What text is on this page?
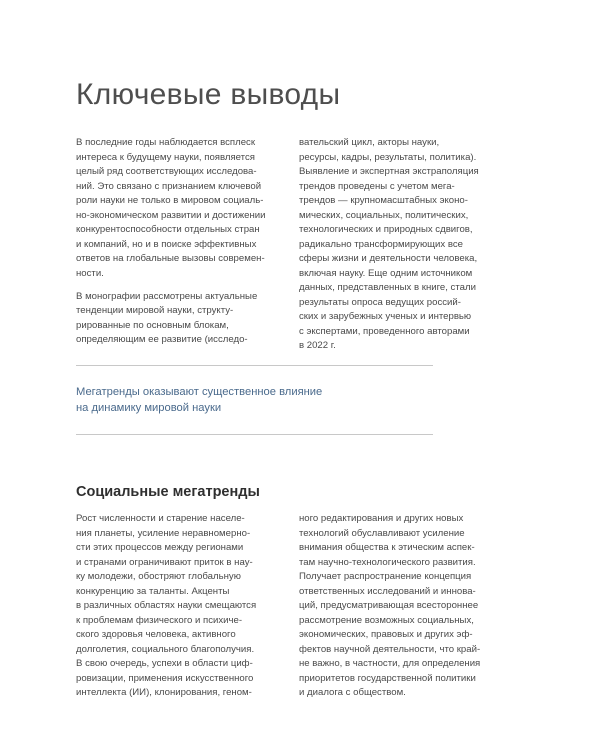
Ключевые выводы
В последние годы наблюдается всплеск
интереса к будущему науки, появляется
целый ряд соответствующих исследова-
ний. Это связано с признанием ключевой
роли науки не только в мировом социаль-
но-экономическом развитии и достижении
конкурентоспособности отдельных стран
и компаний, но и в поиске эффективных
ответов на глобальные вызовы современ-
ности.
В монографии рассмотрены актуальные
тенденции мировой науки, структу-
рированные по основным блокам,
определяющим ее развитие (исследо-
вательский цикл, акторы науки,
ресурсы, кадры, результаты, политика).
Выявление и экспертная экстраполяция
трендов проведены с учетом мега-
трендов — крупномасштабных эконо-
мических, социальных, политических,
технологических и природных сдвигов,
радикально трансформирующих все
сферы жизни и деятельности человека,
включая науку. Еще одним источником
данных, представленных в книге, стали
результаты опроса ведущих россий-
ских и зарубежных ученых и интервью
с экспертами, проведенного авторами
в 2022 г.
Мегатренды оказывают существенное влияние
на динамику мировой науки
Социальные мегатренды
Рост численности и старение населе-
ния планеты, усиление неравномерно-
сти этих процессов между регионами
и странами ограничивают приток в нау-
ку молодежи, обостряют глобальную
конкуренцию за таланты. Акценты
в различных областях науки смещаются
к проблемам физического и психиче-
ского здоровья человека, активного
долголетия, социального благополучия.
В свою очередь, успехи в области циф-
ровизации, применения искусственного
интеллекта (ИИ), клонирования, геном-
ного редактирования и других новых
технологий обуславливают усиление
внимания общества к этическим аспек-
там научно-технологического развития.
Получает распространение концепция
ответственных исследований и иннова-
ций, предусматривающая всестороннее
рассмотрение возможных социальных,
экономических, правовых и других эф-
фектов научной деятельности, что край-
не важно, в частности, для определения
приоритетов государственной политики
и диалога с обществом.
